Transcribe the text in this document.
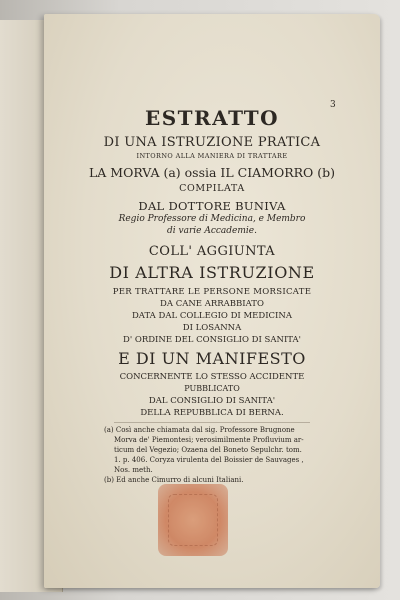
3
ESTRATTO
DI UNA ISTRUZIONE PRATICA
INTORNO ALLA MANIERA DI TRATTARE
LA MORVA (a) ossia IL CIAMORRO (b)
COMPILATA
DAL DOTTORE BUNIVA
Regio Professore di Medicina, e Membro
di varie Accademie.
COLL' AGGIUNTA
DI ALTRA ISTRUZIONE
PER TRATTARE LE PERSONE MORSICATE
DA CANE ARRABBIATO
DATA DAL COLLEGIO DI MEDICINA
DI LOSANNA
D' ORDINE DEL CONSIGLIO DI SANITA'
E DI UN MANIFESTO
CONCERNENTE LO STESSO ACCIDENTE
PUBBLICATO
DAL CONSIGLIO DI SANITA'
DELLA REPUBBLICA DI BERNA.
(a) Così anche chiamata dal sig. Professore Brugnone
Morva de' Piemontesi; verosimilmente Profluvium ar-
ticum del Vegezio; Ozaena del Boneto Sepulchr. tom.
1. p. 406. Coryza virulenta del Boissier de Sauvages ,
Nos. meth.
(b) Ed anche Cimurro di alcuni Italiani.
